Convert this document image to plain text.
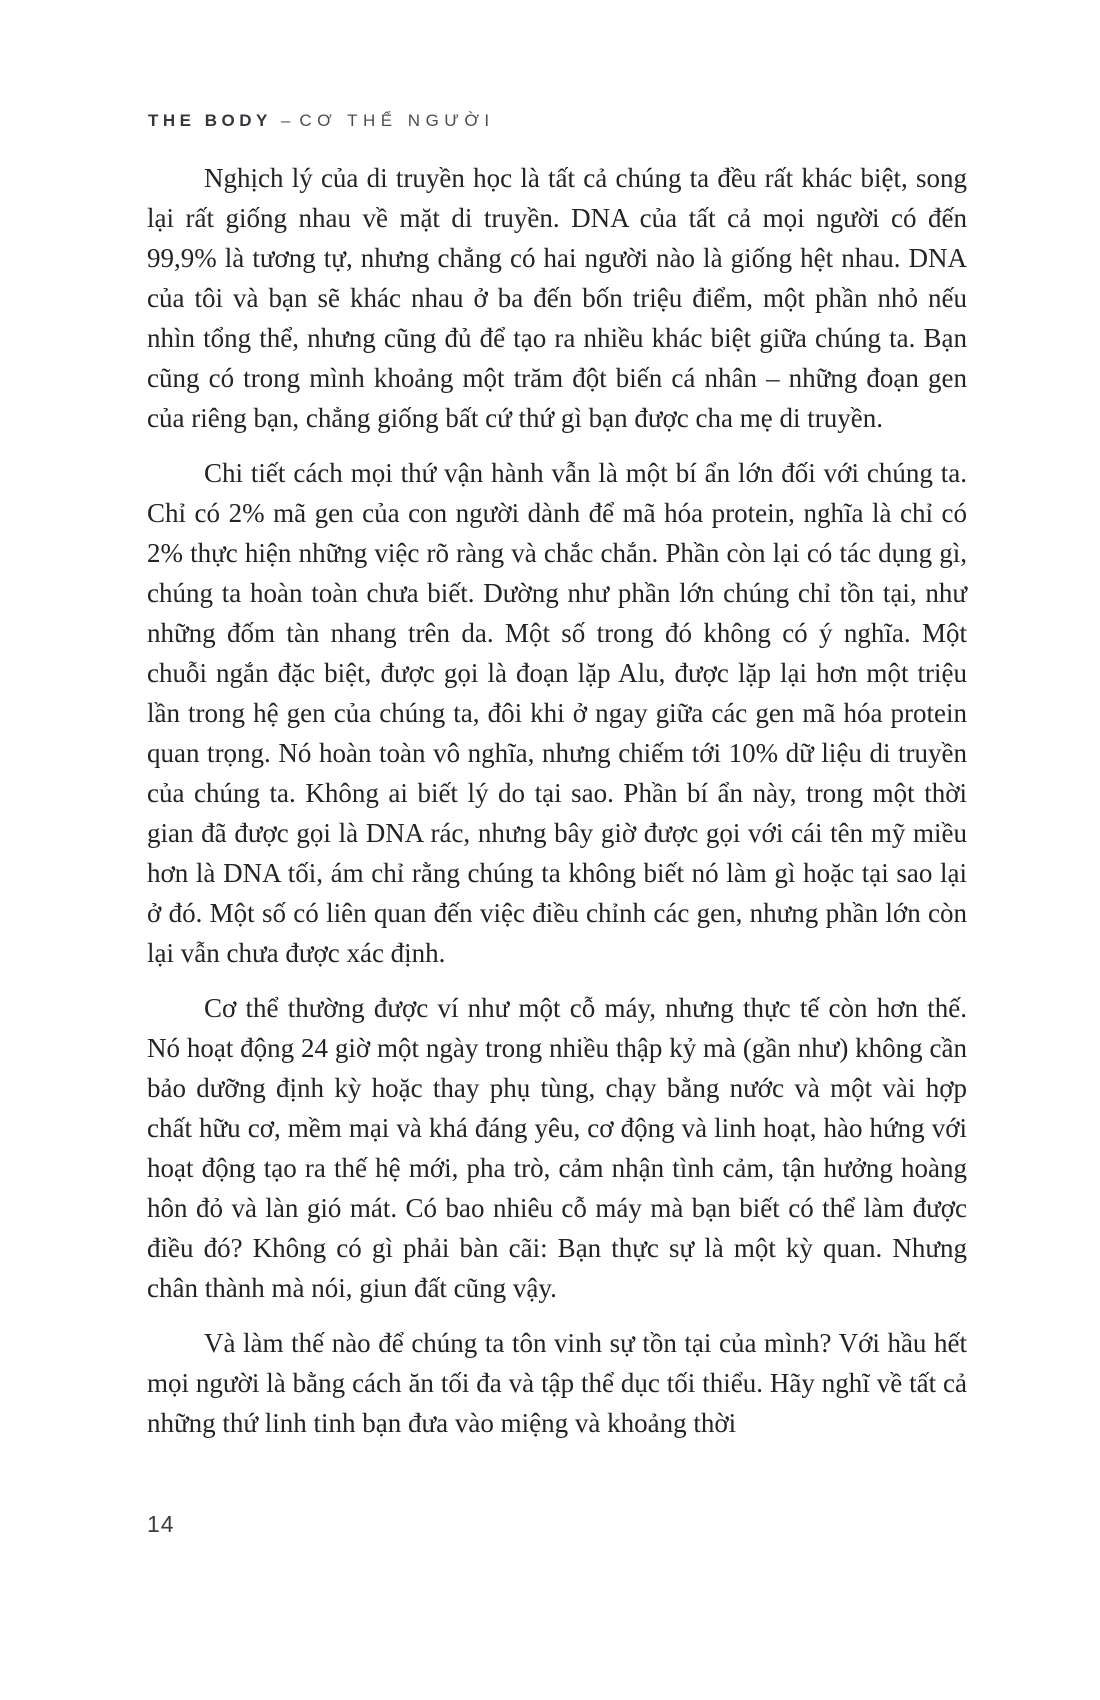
THE BODY – CƠ THỂ NGƯỜI

Nghịch lý của di truyền học là tất cả chúng ta đều rất khác biệt, song lại rất giống nhau về mặt di truyền. DNA của tất cả mọi người có đến 99,9% là tương tự, nhưng chẳng có hai người nào là giống hệt nhau. DNA của tôi và bạn sẽ khác nhau ở ba đến bốn triệu điểm, một phần nhỏ nếu nhìn tổng thể, nhưng cũng đủ để tạo ra nhiều khác biệt giữa chúng ta. Bạn cũng có trong mình khoảng một trăm đột biến cá nhân – những đoạn gen của riêng bạn, chẳng giống bất cứ thứ gì bạn được cha mẹ di truyền.

Chi tiết cách mọi thứ vận hành vẫn là một bí ẩn lớn đối với chúng ta. Chỉ có 2% mã gen của con người dành để mã hóa protein, nghĩa là chỉ có 2% thực hiện những việc rõ ràng và chắc chắn. Phần còn lại có tác dụng gì, chúng ta hoàn toàn chưa biết. Dường như phần lớn chúng chỉ tồn tại, như những đốm tàn nhang trên da. Một số trong đó không có ý nghĩa. Một chuỗi ngắn đặc biệt, được gọi là đoạn lặp Alu, được lặp lại hơn một triệu lần trong hệ gen của chúng ta, đôi khi ở ngay giữa các gen mã hóa protein quan trọng. Nó hoàn toàn vô nghĩa, nhưng chiếm tới 10% dữ liệu di truyền của chúng ta. Không ai biết lý do tại sao. Phần bí ẩn này, trong một thời gian đã được gọi là DNA rác, nhưng bây giờ được gọi với cái tên mỹ miều hơn là DNA tối, ám chỉ rằng chúng ta không biết nó làm gì hoặc tại sao lại ở đó. Một số có liên quan đến việc điều chỉnh các gen, nhưng phần lớn còn lại vẫn chưa được xác định.

Cơ thể thường được ví như một cỗ máy, nhưng thực tế còn hơn thế. Nó hoạt động 24 giờ một ngày trong nhiều thập kỷ mà (gần như) không cần bảo dưỡng định kỳ hoặc thay phụ tùng, chạy bằng nước và một vài hợp chất hữu cơ, mềm mại và khá đáng yêu, cơ động và linh hoạt, hào hứng với hoạt động tạo ra thế hệ mới, pha trò, cảm nhận tình cảm, tận hưởng hoàng hôn đỏ và làn gió mát. Có bao nhiêu cỗ máy mà bạn biết có thể làm được điều đó? Không có gì phải bàn cãi: Bạn thực sự là một kỳ quan. Nhưng chân thành mà nói, giun đất cũng vậy.

Và làm thế nào để chúng ta tôn vinh sự tồn tại của mình? Với hầu hết mọi người là bằng cách ăn tối đa và tập thể dục tối thiểu. Hãy nghĩ về tất cả những thứ linh tinh bạn đưa vào miệng và khoảng thời

14
